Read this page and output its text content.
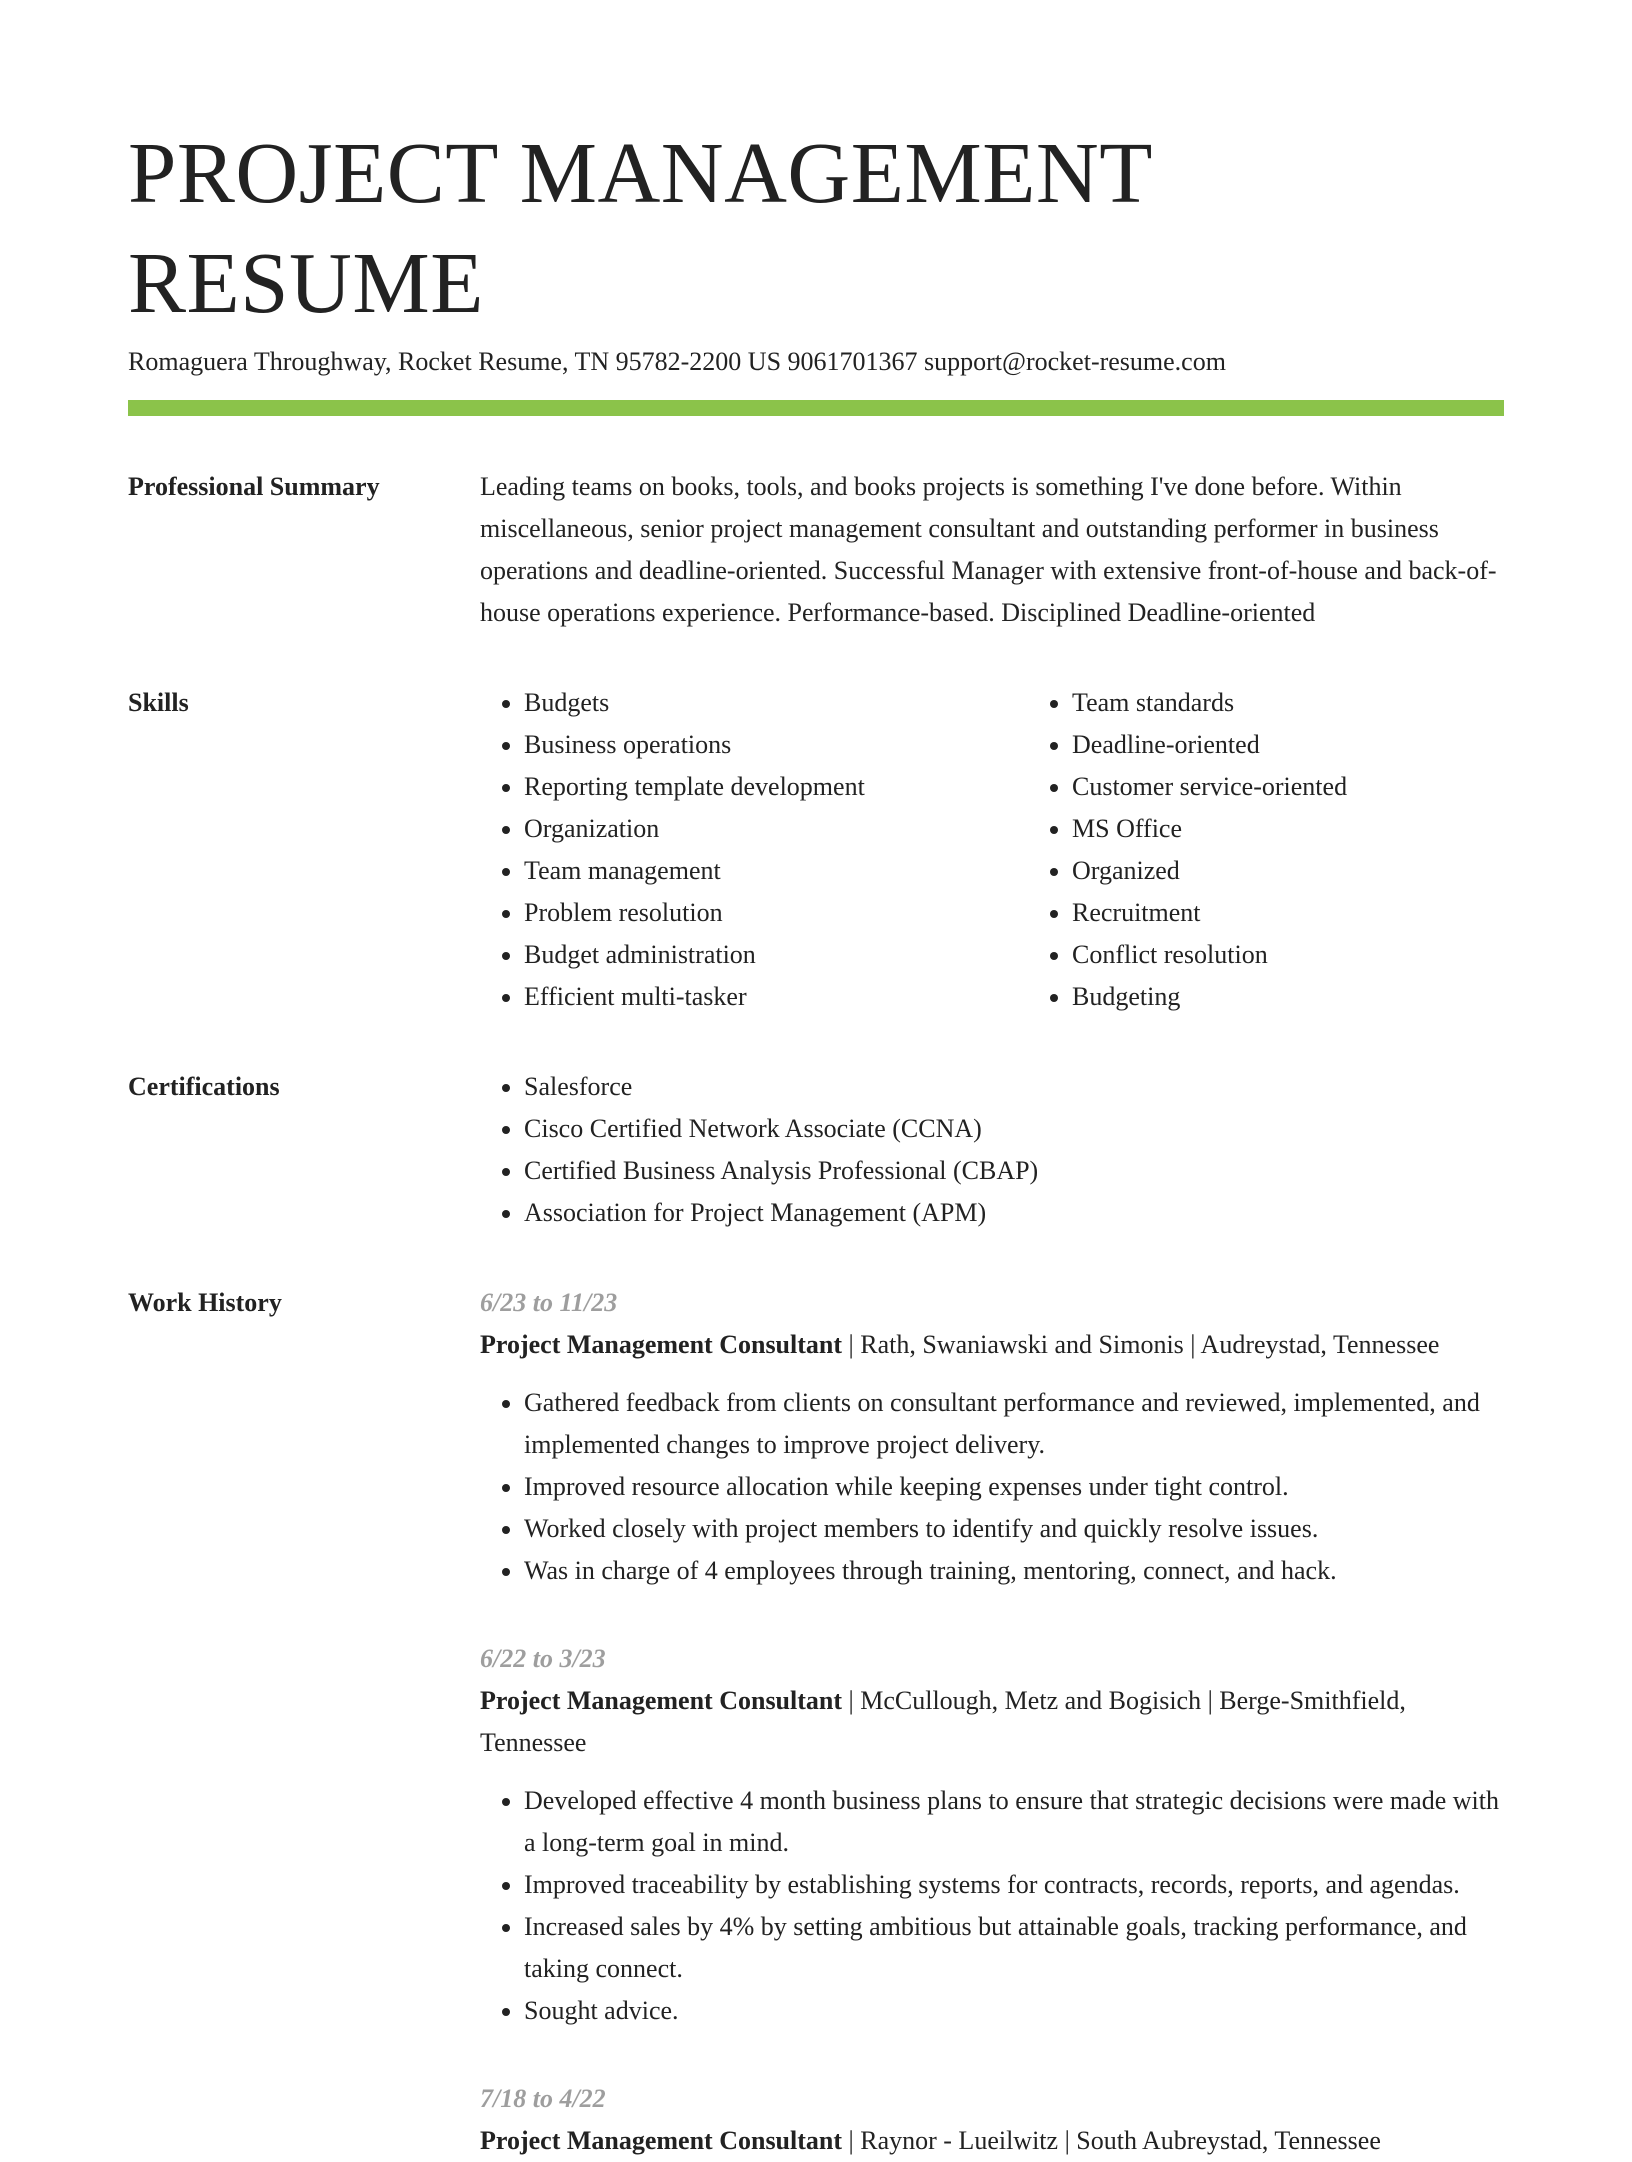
PROJECT MANAGEMENT RESUME
Romaguera Throughway, Rocket Resume, TN 95782-2200 US 9061701367 support@rocket-resume.com
Professional Summary	Leading teams on books, tools, and books projects is something I've done before. Within miscellaneous, senior project management consultant and outstanding performer in business operations and deadline-oriented. Successful Manager with extensive front-of-house and back-of-house operations experience. Performance-based. Disciplined Deadline-oriented

Skills	• Budgets
• Business operations
• Reporting template development
• Organization
• Team management
• Problem resolution
• Budget administration
• Efficient multi-tasker
• Team standards
• Deadline-oriented
• Customer service-oriented
• MS Office
• Organized
• Recruitment
• Conflict resolution
• Budgeting
Certifications	• Salesforce
• Cisco Certified Network Associate (CCNA)
• Certified Business Analysis Professional (CBAP)
• Association for Project Management (APM)
Work History	6/23 to 11/23
Project Management Consultant | Rath, Swaniawski and Simonis | Audreystad, Tennessee
• Gathered feedback from clients on consultant performance and reviewed, implemented, and implemented changes to improve project delivery.
• Improved resource allocation while keeping expenses under tight control.
• Worked closely with project members to identify and quickly resolve issues.
• Was in charge of 4 employees through training, mentoring, connect, and hack.
6/22 to 3/23
Project Management Consultant | McCullough, Metz and Bogisich | Berge-Smithfield, Tennessee
• Developed effective 4 month business plans to ensure that strategic decisions were made with a long-term goal in mind.
• Improved traceability by establishing systems for contracts, records, reports, and agendas.
• Increased sales by 4% by setting ambitious but attainable goals, tracking performance, and taking connect.
• Sought advice.
7/18 to 4/22
Project Management Consultant | Raynor - Lueilwitz | South Aubreystad, Tennessee
